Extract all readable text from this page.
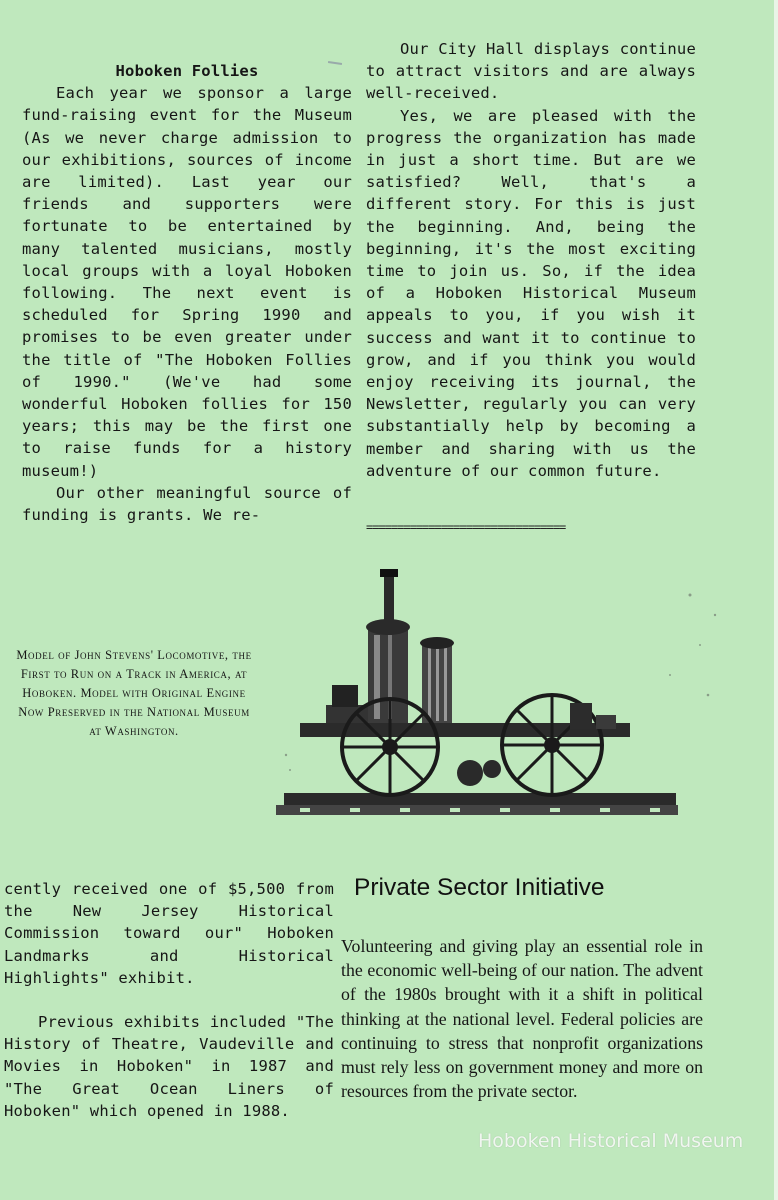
Hoboken Follies

Each year we sponsor a large fund-raising event for the Museum (As we never charge admission to our exhibitions, sources of income are limited). Last year our friends and supporters were fortunate to be entertained by many talented musicians, mostly local groups with a loyal Hoboken following. The next event is scheduled for Spring 1990 and promises to be even greater under the title of "The Hoboken Follies of 1990." (We've had some wonderful Hoboken follies for 150 years; this may be the first one to raise funds for a history museum!)

Our other meaningful source of funding is grants. We re-

Our City Hall displays continue to attract visitors and are always well-received.

Yes, we are pleased with the progress the organization has made in just a short time. But are we satisfied? Well, that's a different story. For this is just the beginning. And, being the beginning, it's the most exciting time to join us. So, if the idea of a Hoboken Historical Museum appeals to you, if you wish it success and want it to continue to grow, and if you think you would enjoy receiving its journal, the Newsletter, regularly you can very substantially help by becoming a member and sharing with us the adventure of our common future.

================================
Model of John Stevens' Locomotive, the First to Run on a Track in America, at Hoboken. Model with Original Engine Now Preserved in the National Museum at Washington.

cently received one of $5,500 from the New Jersey Historical Commission toward our" Hoboken Landmarks and Historical Highlights" exhibit.

Previous exhibits included "The History of Theatre, Vaudeville and Movies in Hoboken" in 1987 and "The Great Ocean Liners of Hoboken" which opened in 1988.

Private Sector Initiative
Volunteering and giving play an essential role in the economic well-being of our nation. The advent of the 1980s brought with it a shift in political thinking at the national level. Federal policies are continuing to stress that nonprofit organizations must rely less on government money and more on resources from the private sector.
Hoboken Historical Museum
